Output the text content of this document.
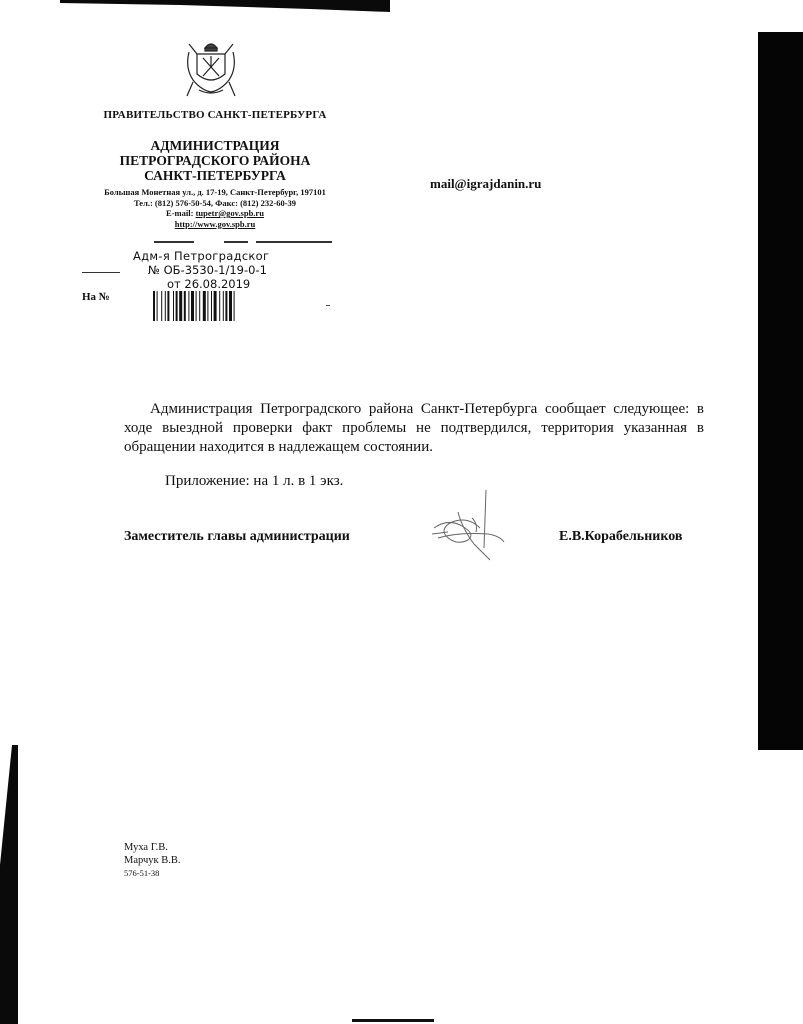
ПРАВИТЕЛЬСТВО САНКТ-ПЕТЕРБУРГА
АДМИНИСТРАЦИЯ
ПЕТРОГРАДСКОГО РАЙОНА
САНКТ-ПЕТЕРБУРГА
Большая Монетная ул., д. 17-19, Санкт-Петербург, 197101
Тел.: (812) 576-50-54, Факс: (812) 232-60-39
E-mail: tupetr@gov.spb.ru
http://www.gov.spb.ru
Адм-я Петроградског
№ ОБ-3530-1/19-0-1
от 26.08.2019
На №
mail@igrajdanin.ru
Администрация Петроградского района Санкт-Петербурга сообщает следующее: в ходе выездной проверки факт проблемы не подтвердился, территория указанная в обращении находится в надлежащем состоянии.
Приложение: на 1 л. в 1 экз.
Заместитель главы администрации	Е.В.Корабельников
Муха Г.В.
Марчук В.В.
576-51-38
